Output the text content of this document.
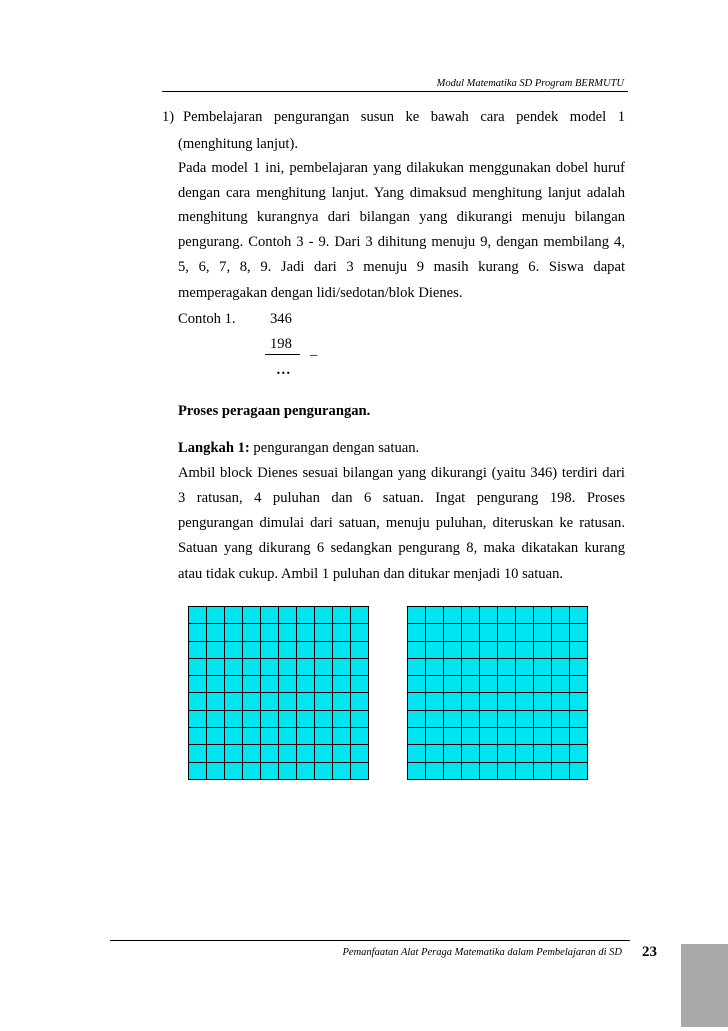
Modul Matematika SD Program BERMUTU
1) Pembelajaran pengurangan susun ke bawah cara pendek model 1
(menghitung lanjut).
Pada model 1 ini, pembelajaran yang dilakukan menggunakan dobel huruf
dengan cara menghitung lanjut. Yang dimaksud menghitung lanjut adalah
menghitung kurangnya dari bilangan yang dikurangi menuju bilangan
pengurang. Contoh 3 - 9. Dari 3 dihitung menuju 9, dengan membilang 4,
5, 6, 7, 8, 9. Jadi dari 3 menuju 9 masih kurang 6. Siswa dapat
memperagakan dengan lidi/sedotan/blok Dienes.
Contoh 1. 346
198
–
…
Proses peragaan pengurangan.
Langkah 1: pengurangan dengan satuan.
Ambil block Dienes sesuai bilangan yang dikurangi (yaitu 346) terdiri dari
3 ratusan, 4 puluhan dan 6 satuan. Ingat pengurang 198. Proses
pengurangan dimulai dari satuan, menuju puluhan, diteruskan ke ratusan.
Satuan yang dikurang 6 sedangkan pengurang 8, maka dikatakan kurang
atau tidak cukup. Ambil 1 puluhan dan ditukar menjadi 10 satuan.
Pemanfaatan Alat Peraga Matematika dalam Pembelajaran di SD 23
